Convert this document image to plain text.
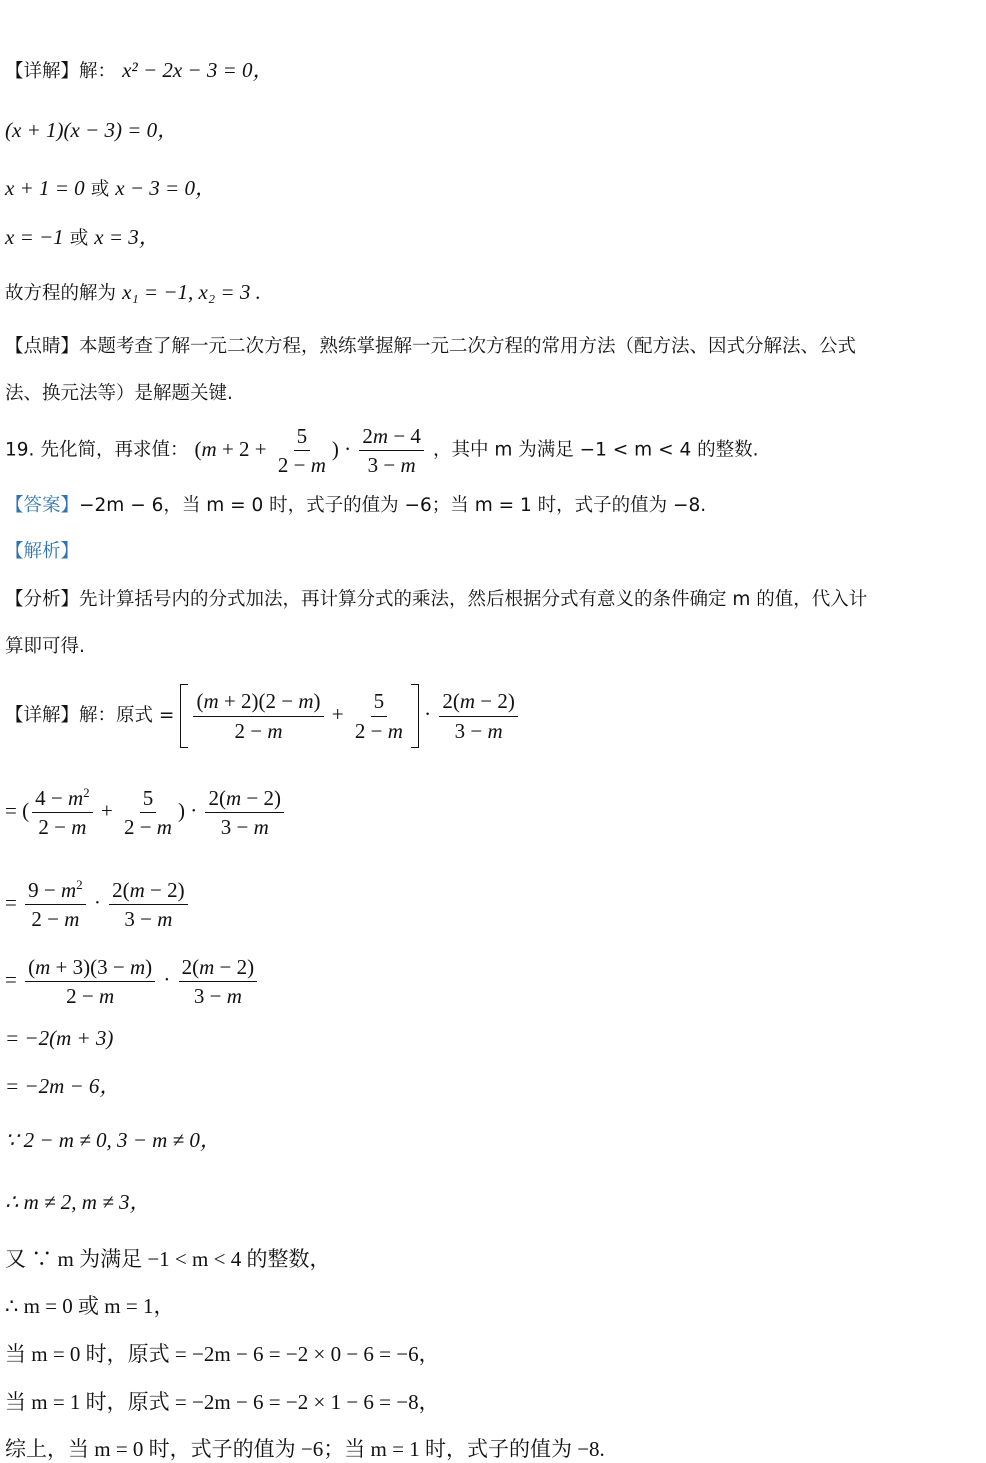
【详解】解： x² − 2x − 3 = 0，
(x + 1)(x − 3) = 0，
x + 1 = 0 或 x − 3 = 0，
x = −1 或 x = 3，
故方程的解为 x₁ = −1, x₂ = 3 .
【点睛】本题考查了解一元二次方程，熟练掌握解一元二次方程的常用方法（配方法、因式分解法、公式
法、换元法等）是解题关键.
19. 先化简，再求值： ($m + 2 + \frac{5}{2 - m}$ ) · $\frac{2m - 4}{3 - m}$ ，其中 m 为满足 −1 < m < 4 的整数.
【答案】−2m − 6，当 m = 0 时，式子的值为 −6；当 m = 1 时，式子的值为 −8.
【解析】
【分析】先计算括号内的分式加法，再计算分式的乘法，然后根据分式有意义的条件确定 m 的值，代入计
算即可得.
【详解】解：原式 = $\frac{(m + 2)(2 - m)}{2 - m} + \frac{5}{2 - m} \cdot \frac{2(m - 2)}{3 - m}$
= ( $\frac{4 - m^2}{2 - m} + \frac{5}{2 - m}$ ) · $\frac{2(m - 2)}{3 - m}$
= $\frac{9 - m^2}{2 - m} \cdot \frac{2(m - 2)}{3 - m}$
= $\frac{(m + 3)(3 - m)}{2 - m} \cdot \frac{2(m - 2)}{3 - m}$
= −2(m + 3)
= −2m − 6，
∵ 2 − m ≠ 0, 3 − m ≠ 0，
∴ m ≠ 2, m ≠ 3，
又 ∵ m 为满足 −1 < m < 4 的整数，
∴ m = 0 或 m = 1，
当 m = 0 时，原式 = −2m − 6 = −2 × 0 − 6 = −6，
当 m = 1 时，原式 = −2m − 6 = −2 × 1 − 6 = −8，
综上，当 m = 0 时，式子的值为 −6；当 m = 1 时，式子的值为 −8.
